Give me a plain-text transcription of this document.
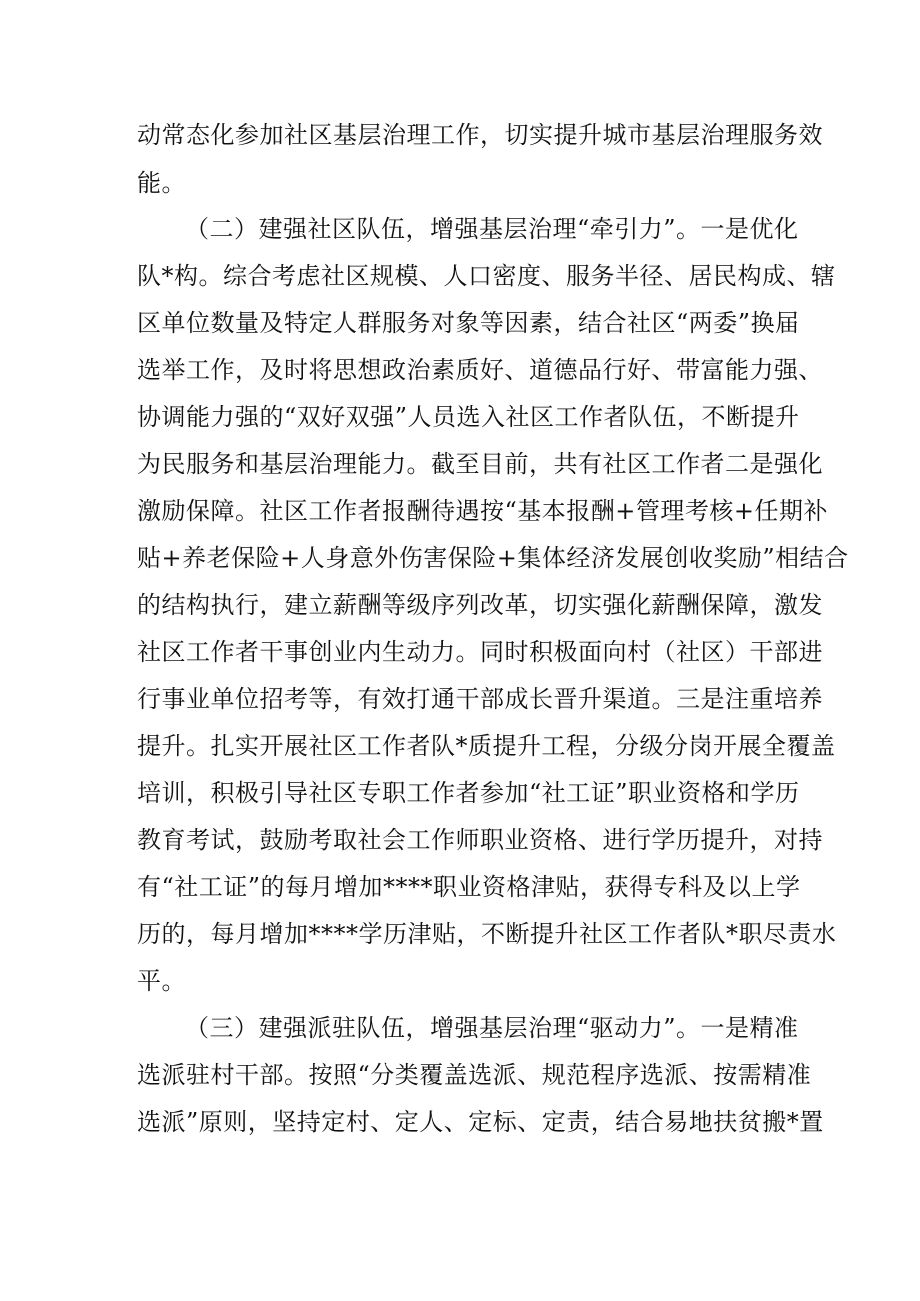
动常态化参加社区基层治理工作，切实提升城市基层治理服务效
能。
（二）建强社区队伍，增强基层治理“牵引力”。一是优化
队*构。综合考虑社区规模、人口密度、服务半径、居民构成、辖
区单位数量及特定人群服务对象等因素，结合社区“两委”换届
选举工作，及时将思想政治素质好、道德品行好、带富能力强、
协调能力强的“双好双强”人员选入社区工作者队伍，不断提升
为民服务和基层治理能力。截至目前，共有社区工作者二是强化
激励保障。社区工作者报酬待遇按“基本报酬+管理考核+任期补
贴+养老保险+人身意外伤害保险+集体经济发展创收奖励”相结合
的结构执行，建立薪酬等级序列改革，切实强化薪酬保障，激发
社区工作者干事创业内生动力。同时积极面向村（社区）干部进
行事业单位招考等，有效打通干部成长晋升渠道。三是注重培养
提升。扎实开展社区工作者队*质提升工程，分级分岗开展全覆盖
培训，积极引导社区专职工作者参加“社工证”职业资格和学历
教育考试，鼓励考取社会工作师职业资格、进行学历提升，对持
有“社工证”的每月增加****职业资格津贴，获得专科及以上学
历的，每月增加****学历津贴，不断提升社区工作者队*职尽责水
平。
（三）建强派驻队伍，增强基层治理“驱动力”。一是精准
选派驻村干部。按照“分类覆盖选派、规范程序选派、按需精准
选派”原则，坚持定村、定人、定标、定责，结合易地扶贫搬*置
